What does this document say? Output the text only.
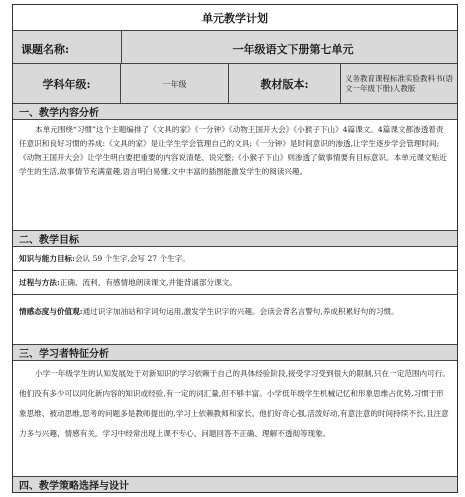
单元教学计划
课题名称:	一年级语文下册第七单元
学科年级:	一年级	教材版本:	义务教育课程标准实验教科书(语文一年级下册)人教版
一、教学内容分析

本单元围绕“习惯”这个主题编排了《文具的家》《一分钟》《动物王国开大会》《小猴子下山》4篇课文。4篇课文都渗透着责任意识和良好习惯的养成:《文具的家》是让学生学会管理自己的文具;《一分钟》是时间意识的渗透,让学生逐步学会管理时间;《动物王国开大会》让学生明白要把重要的内容说清楚、说完整;《小猴子下山》则渗透了做事情要有目标意识。本单元课文贴近学生的生活,故事情节充满童趣,语言明白易懂,文中丰富的插图能激发学生的阅读兴趣。

二、教学目标

知识与能力目标:会认 59 个生字,会写 27 个生字。

过程与方法:正确、流利、有感情地朗读课文,并能背诵部分课文。

情感态度与价值观:通过识字加油站和字词句运用,激发学生识字的兴趣。会读会背名言警句,养成积累好句的习惯。

三、学习者特征分析

小学一年级学生的认知发展处于对新知识的学习依赖于自己的具体经验阶段,接受学习受到很大的限制,只在一定范围内可行。他们没有多少可以同化新内容的知识或经验,有一定的词汇量,但不够丰富。小学低年级学生机械记忆和形象思维占优势,习惯于形象思维、被动思维,思考的问题多是教师提出的,学习上依赖教师和家长。他们好奇心强,活泼好动,有意注意的时间持续不长,且注意力多与兴趣、情感有关。学习中经常出现上课不专心、问题回答不正确、理解不透彻等现象。

四、教学策略选择与设计
